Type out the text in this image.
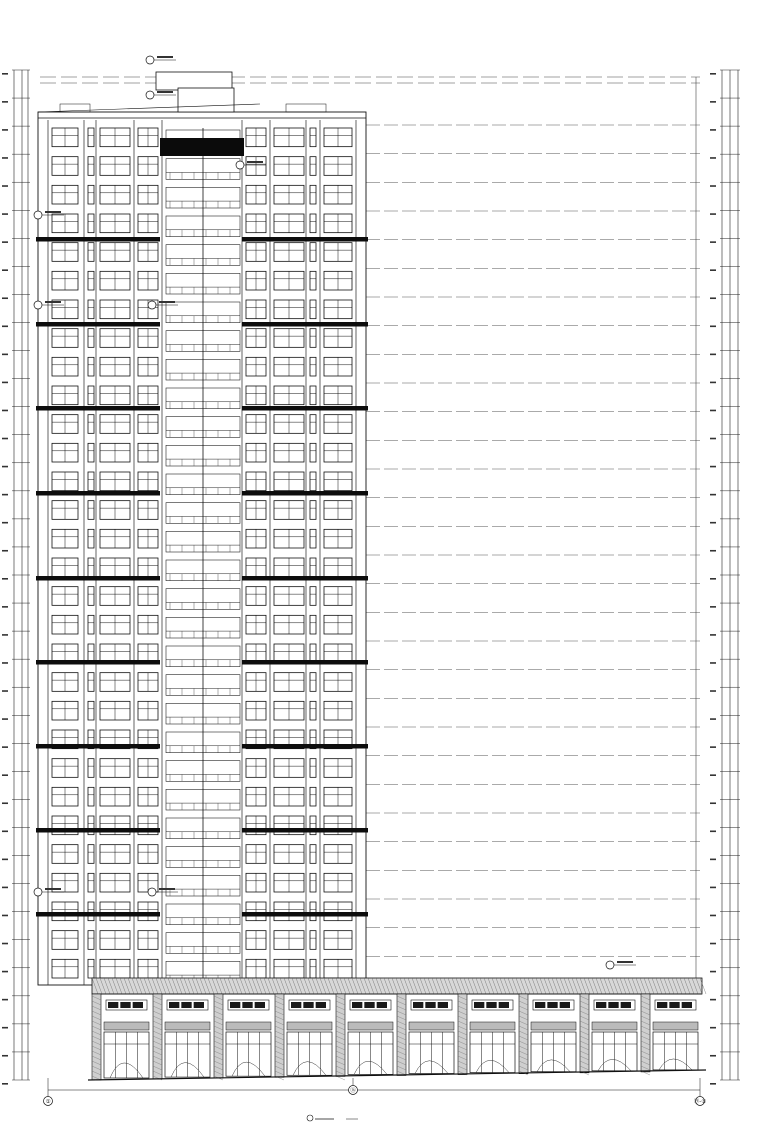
①
⑯
⑲-①
